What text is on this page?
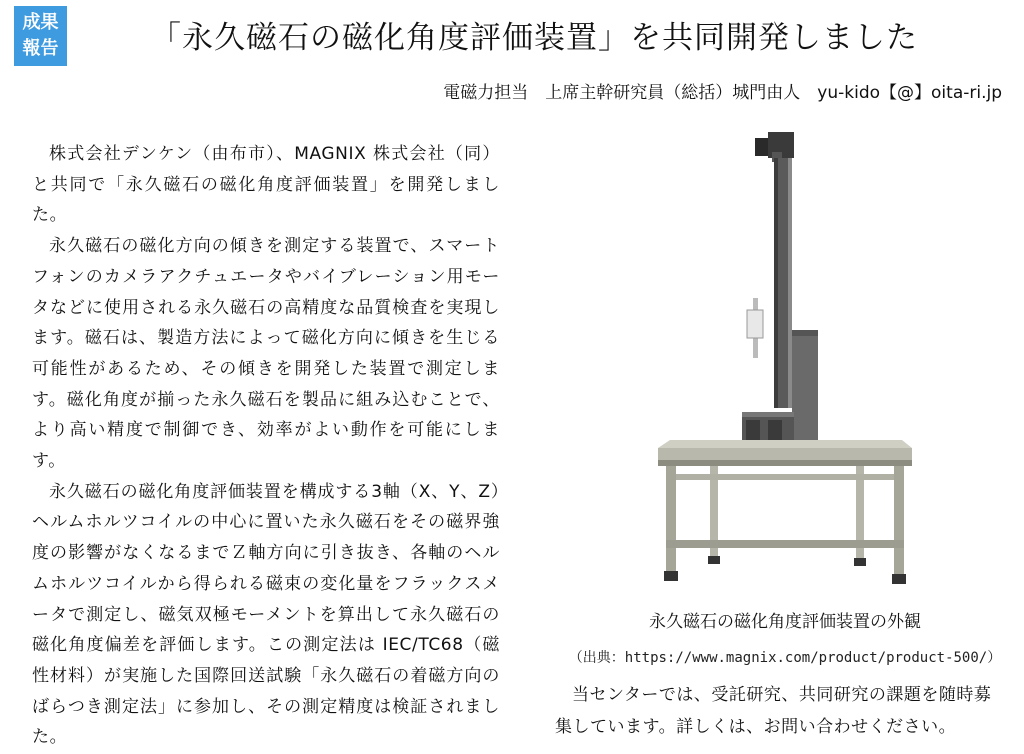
成果
報告	「永久磁石の磁化角度評価装置」を共同開発しました
電磁力担当　上席主幹研究員（総括）城門由人　yu-kido【@】oita-ri.jp

株式会社デンケン（由布市）、MAGNIX 株式会社（同）と共同で「永久磁石の磁化角度評価装置」を開発しました。

永久磁石の磁化方向の傾きを測定する装置で、スマートフォンのカメラアクチュエータやバイブレーション用モータなどに使用される永久磁石の高精度な品質検査を実現します。磁石は、製造方法によって磁化方向に傾きを生じる可能性があるため、その傾きを開発した装置で測定します。磁化角度が揃った永久磁石を製品に組み込むことで、より高い精度で制御でき、効率がよい動作を可能にします。

永久磁石の磁化角度評価装置を構成する3軸（X、Y、Z）ヘルムホルツコイルの中心に置いた永久磁石をその磁界強度の影響がなくなるまでＺ軸方向に引き抜き、各軸のヘルムホルツコイルから得られる磁束の変化量をフラックスメータで測定し、磁気双極モーメントを算出して永久磁石の磁化角度偏差を評価します。この測定法は IEC/TC68（磁性材料）が実施した国際回送試験「永久磁石の着磁方向のばらつき測定法」に参加し、その測定精度は検証されました。

永久磁石の磁化角度評価装置の外観
（出典：https://www.magnix.com/product/product-500/）
当センターでは、受託研究、共同研究の課題を随時募集しています。詳しくは、お問い合わせください。
